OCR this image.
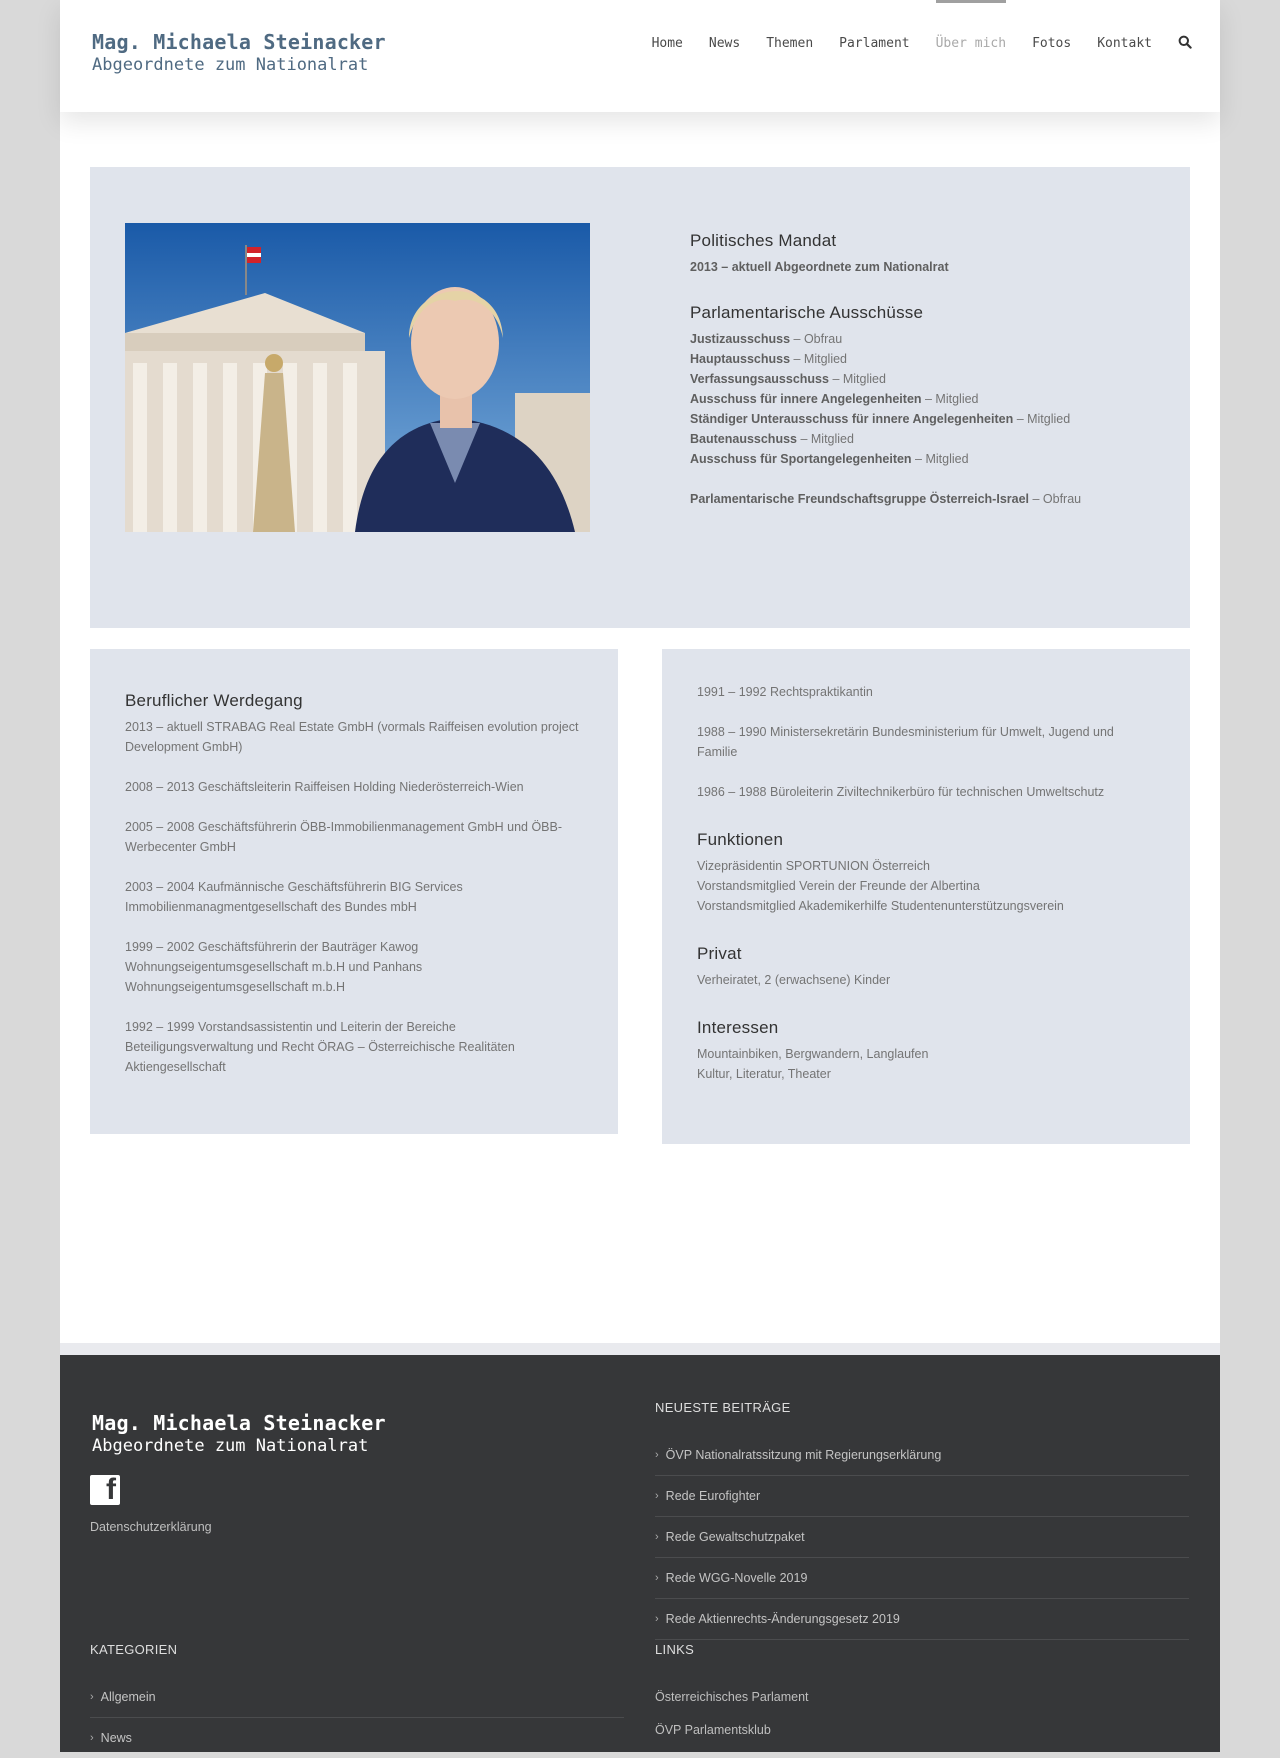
Mag. Michaela Steinacker
Abgeordnete zum Nationalrat
Home News Themen Parlament Über mich Fotos Kontakt
Politisches Mandat
2013 – aktuell Abgeordnete zum Nationalrat
Parlamentarische Ausschüsse
Justizausschuss – Obfrau
Hauptausschuss – Mitglied
Verfassungsausschuss – Mitglied
Ausschuss für innere Angelegenheiten – Mitglied
Ständiger Unterausschuss für innere Angelegenheiten – Mitglied
Bautenausschuss – Mitglied
Ausschuss für Sportangelegenheiten – Mitglied
Parlamentarische Freundschaftsgruppe Österreich-Israel – Obfrau
Beruflicher Werdegang
2013 – aktuell STRABAG Real Estate GmbH (vormals Raiffeisen evolution project Development GmbH)
2008 – 2013 Geschäftsleiterin Raiffeisen Holding Niederösterreich-Wien
2005 – 2008 Geschäftsführerin ÖBB-Immobilienmanagement GmbH und ÖBB-Werbecenter GmbH
2003 – 2004 Kaufmännische Geschäftsführerin BIG Services Immobilienmanagmentgesellschaft des Bundes mbH
1999 – 2002 Geschäftsführerin der Bauträger Kawog Wohnungseigentumsgesellschaft m.b.H und Panhans Wohnungseigentumsgesellschaft m.b.H
1992 – 1999 Vorstandsassistentin und Leiterin der Bereiche Beteiligungsverwaltung und Recht ÖRAG – Österreichische Realitäten Aktiengesellschaft
1991 – 1992 Rechtspraktikantin
1988 – 1990 Ministersekretärin Bundesministerium für Umwelt, Jugend und Familie
1986 – 1988 Büroleiterin Ziviltechnikerbüro für technischen Umweltschutz
Funktionen
Vizepräsidentin SPORTUNION Österreich
Vorstandsmitglied Verein der Freunde der Albertina
Vorstandsmitglied Akademikerhilfe Studentenunterstützungsverein
Privat
Verheiratet, 2 (erwachsene) Kinder
Interessen
Mountainbiken, Bergwandern, Langlaufen
Kultur, Literatur, Theater
Mag. Michaela Steinacker
Abgeordnete zum Nationalrat
f
Datenschutzerklärung
NEUESTE BEITRÄGE
› ÖVP Nationalratssitzung mit Regierungserklärung
› Rede Eurofighter
› Rede Gewaltschutzpaket
› Rede WGG-Novelle 2019
› Rede Aktienrechts-Änderungsgesetz 2019
KATEGORIEN
› Allgemein
› News
LINKS
Österreichisches Parlament
ÖVP Parlamentsklub
